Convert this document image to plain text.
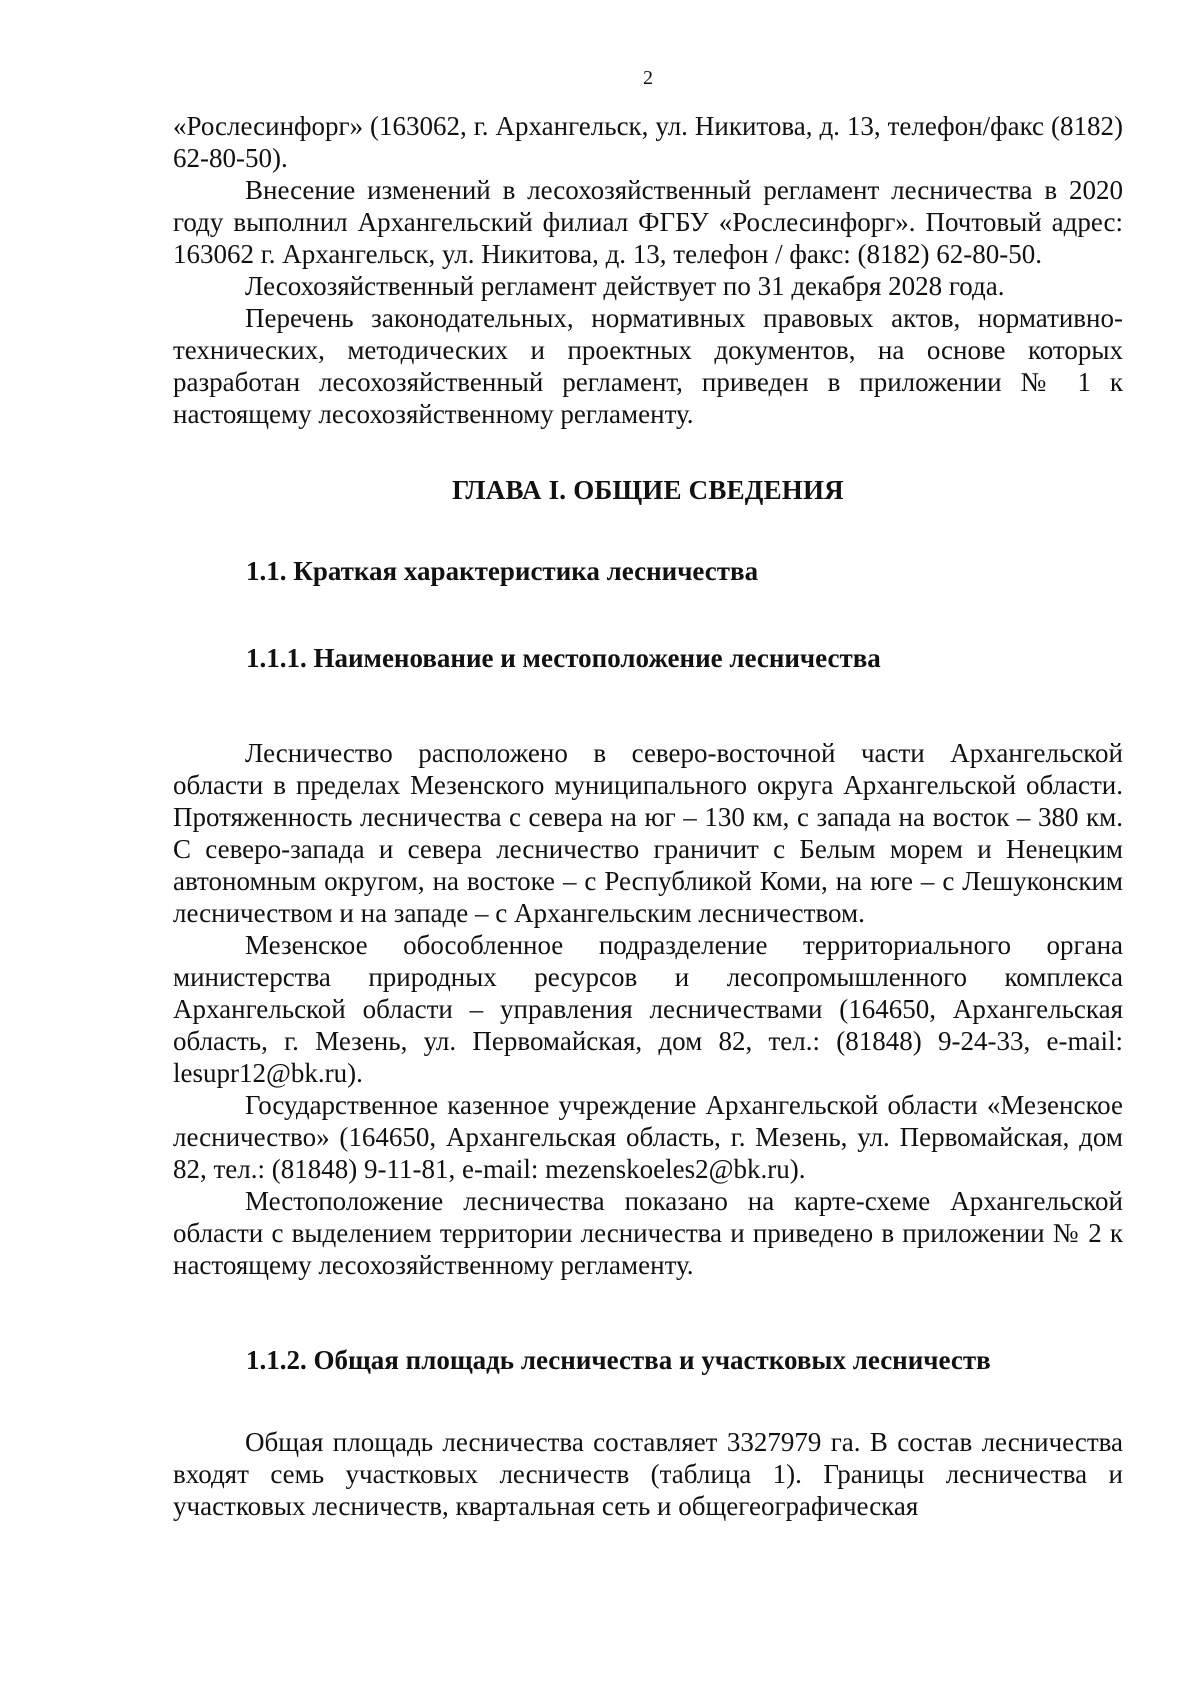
2

«Рослесинфорг» (163062, г. Архангельск, ул. Никитова, д. 13, телефон/факс (8182) 62-80-50).

Внесение изменений в лесохозяйственный регламент лесничества в 2020 году выполнил Архангельский филиал ФГБУ «Рослесинфорг». Почтовый адрес: 163062 г. Архангельск, ул. Никитова, д. 13, телефон / факс: (8182) 62-80-50.

Лесохозяйственный регламент действует по 31 декабря 2028 года.

Перечень законодательных, нормативных правовых актов, нормативно-технических, методических и проектных документов, на основе которых разработан лесохозяйственный регламент, приведен в приложении № 1 к настоящему лесохозяйственному регламенту.

ГЛАВА I. ОБЩИЕ СВЕДЕНИЯ
1.1. Краткая характеристика лесничества
1.1.1. Наименование и местоположение лесничества

Лесничество расположено в северо-восточной части Архангельской области в пределах Мезенского муниципального округа Архангельской области. Протяженность лесничества с севера на юг – 130 км, с запада на восток – 380 км. С северо-запада и севера лесничество граничит с Белым морем и Ненецким автономным округом, на востоке – с Республикой Коми, на юге – с Лешуконским лесничеством и на западе – с Архангельским лесничеством.

Мезенское обособленное подразделение территориального органа министерства природных ресурсов и лесопромышленного комплекса Архангельской области – управления лесничествами (164650, Архангельская область, г. Мезень, ул. Первомайская, дом 82, тел.: (81848) 9-24-33, e-mail: lesupr12@bk.ru).

Государственное казенное учреждение Архангельской области «Мезенское лесничество» (164650, Архангельская область, г. Мезень, ул. Первомайская, дом 82, тел.: (81848) 9-11-81, e-mail: mezenskoeles2@bk.ru).

Местоположение лесничества показано на карте-схеме Архангельской области с выделением территории лесничества и приведено в приложении № 2 к настоящему лесохозяйственному регламенту.

1.1.2. Общая площадь лесничества и участковых лесничеств

Общая площадь лесничества составляет 3327979 га. В состав лесничества входят семь участковых лесничеств (таблица 1). Границы лесничества и участковых лесничеств, квартальная сеть и общегеографическая
